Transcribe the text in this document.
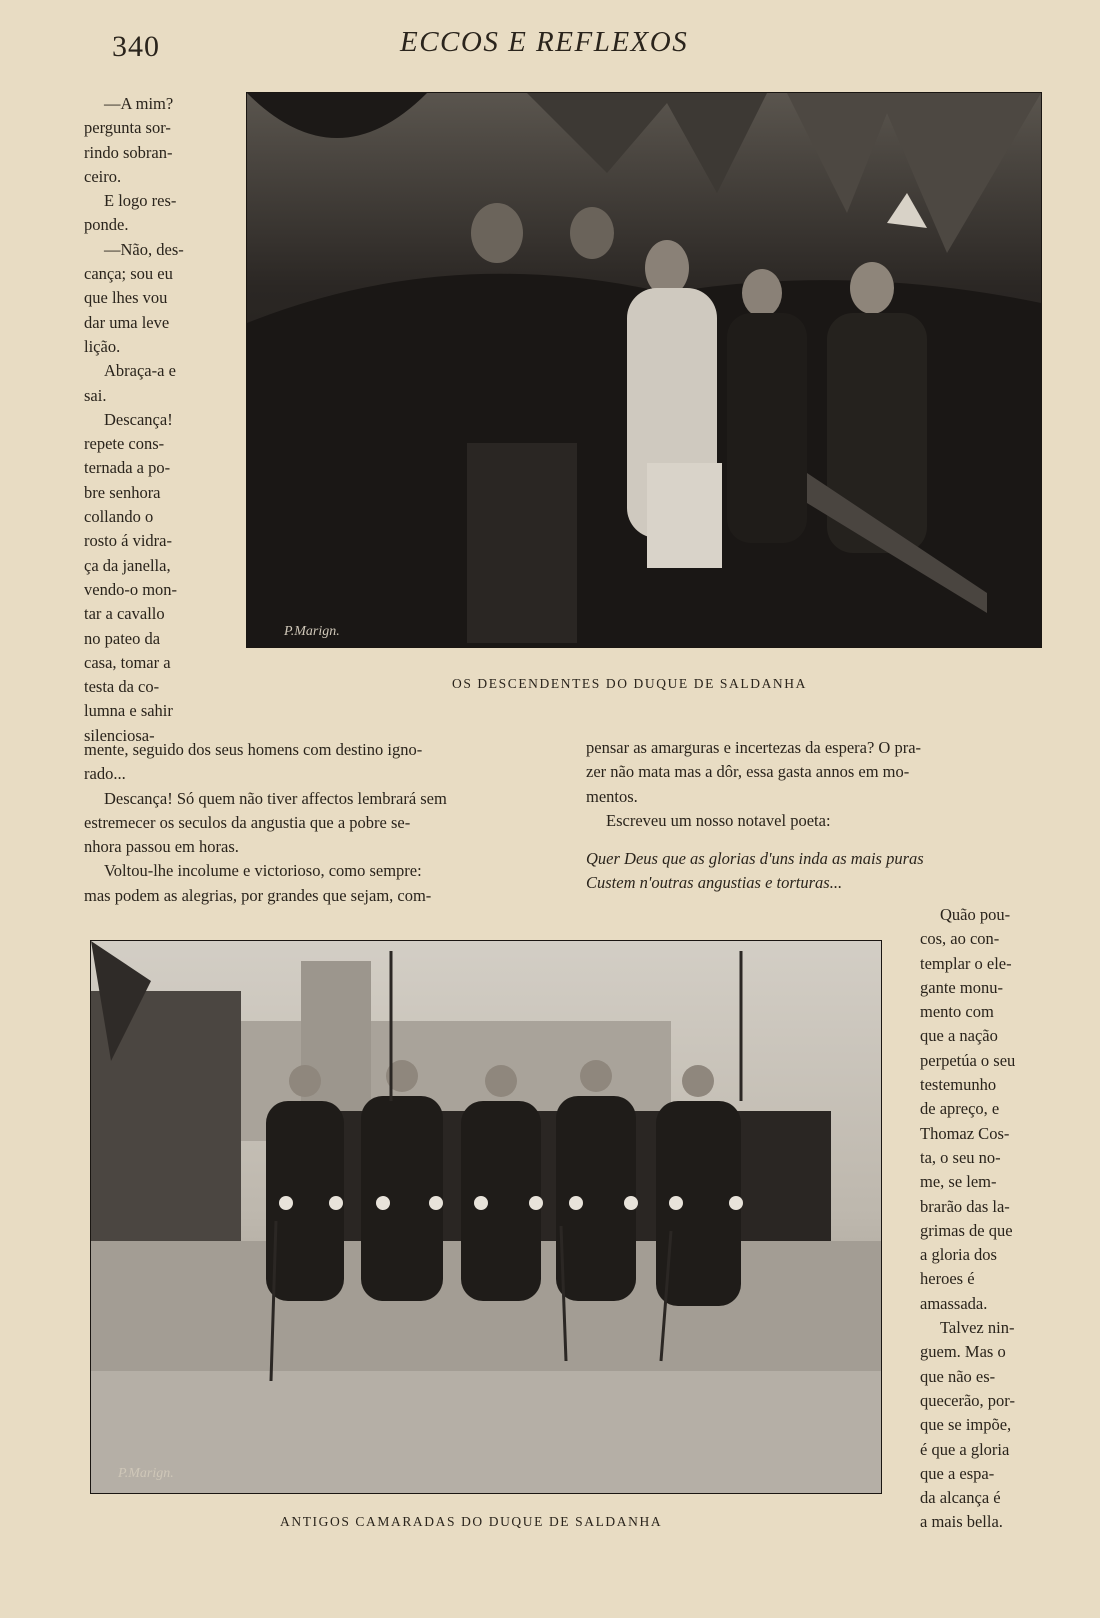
340	ECCOS E REFLEXOS

—A mim?

pergunta sor-

rindo sobran-

ceiro.

E logo res-

ponde.

—Não, des-

cança; sou eu

que lhes vou

dar uma leve

lição.

Abraça-a e

sai.

Descança!

repete cons-

ternada a po-

bre senhora

collando o

rosto á vidra-

ça da janella,

vendo-o mon-

tar a cavallo

no pateo da

casa, tomar a

testa da co-

lumna e sahir

silenciosa-

P.Marign.
OS DESCENDENTES DO DUQUE DE SALDANHA

mente, seguido dos seus homens com destino igno-

rado...

Descança! Só quem não tiver affectos lembrará sem

estremecer os seculos da angustia que a pobre se-

nhora passou em horas.

Voltou-lhe incolume e victorioso, como sempre:

mas podem as alegrias, por grandes que sejam, com-

pensar as amarguras e incertezas da espera? O pra-

zer não mata mas a dôr, essa gasta annos em mo-

mentos.

Escreveu um nosso notavel poeta:

Quer Deus que as glorias d'uns inda as mais puras

Custem n'outras angustias e torturas...

P.Marign.
ANTIGOS CAMARADAS DO DUQUE DE SALDANHA

Quão pou-

cos, ao con-

templar o ele-

gante monu-

mento com

que a nação

perpetúa o seu

testemunho

de apreço, e

Thomaz Cos-

ta, o seu no-

me, se lem-

brarão das la-

grimas de que

a gloria dos

heroes é

amassada.

Talvez nin-

guem. Mas o

que não es-

quecerão, por-

que se impõe,

é que a gloria

que a espa-

da alcança é

a mais bella.
